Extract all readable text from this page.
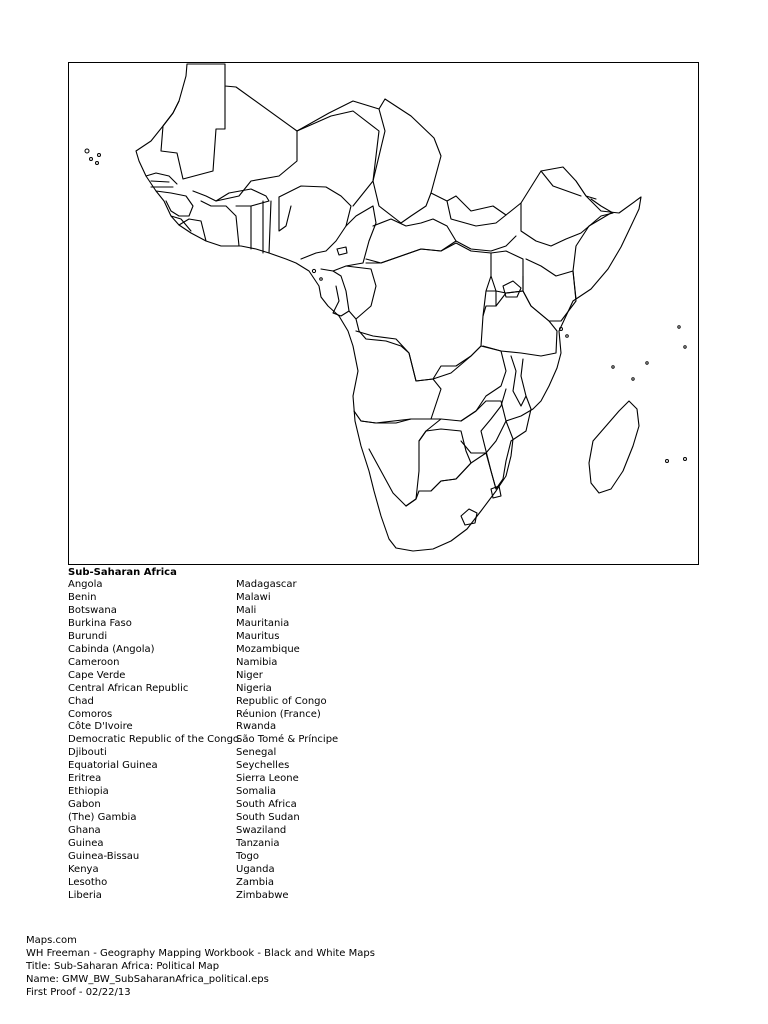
Sub-Saharan Africa

Angola
Benin
Botswana
Burkina Faso
Burundi
Cabinda (Angola)
Cameroon
Cape Verde
Central African Republic
Chad
Comoros
Côte D'Ivoire
Democratic Republic of the Congo
Djibouti
Equatorial Guinea
Eritrea
Ethiopia
Gabon
(The) Gambia
Ghana
Guinea
Guinea-Bissau
Kenya
Lesotho
Liberia
Madagascar
Malawi
Mali
Mauritania
Mauritus
Mozambique
Namibia
Niger
Nigeria
Republic of Congo
Réunion (France)
Rwanda
São Tomé & Príncipe
Senegal
Seychelles
Sierra Leone
Somalia
South Africa
South Sudan
Swaziland
Tanzania
Togo
Uganda
Zambia
Zimbabwe

Maps.com

WH Freeman - Geography Mapping Workbook - Black and White Maps

Title: Sub-Saharan Africa: Political Map

Name: GMW_BW_SubSaharanAfrica_political.eps

First Proof - 02/22/13
